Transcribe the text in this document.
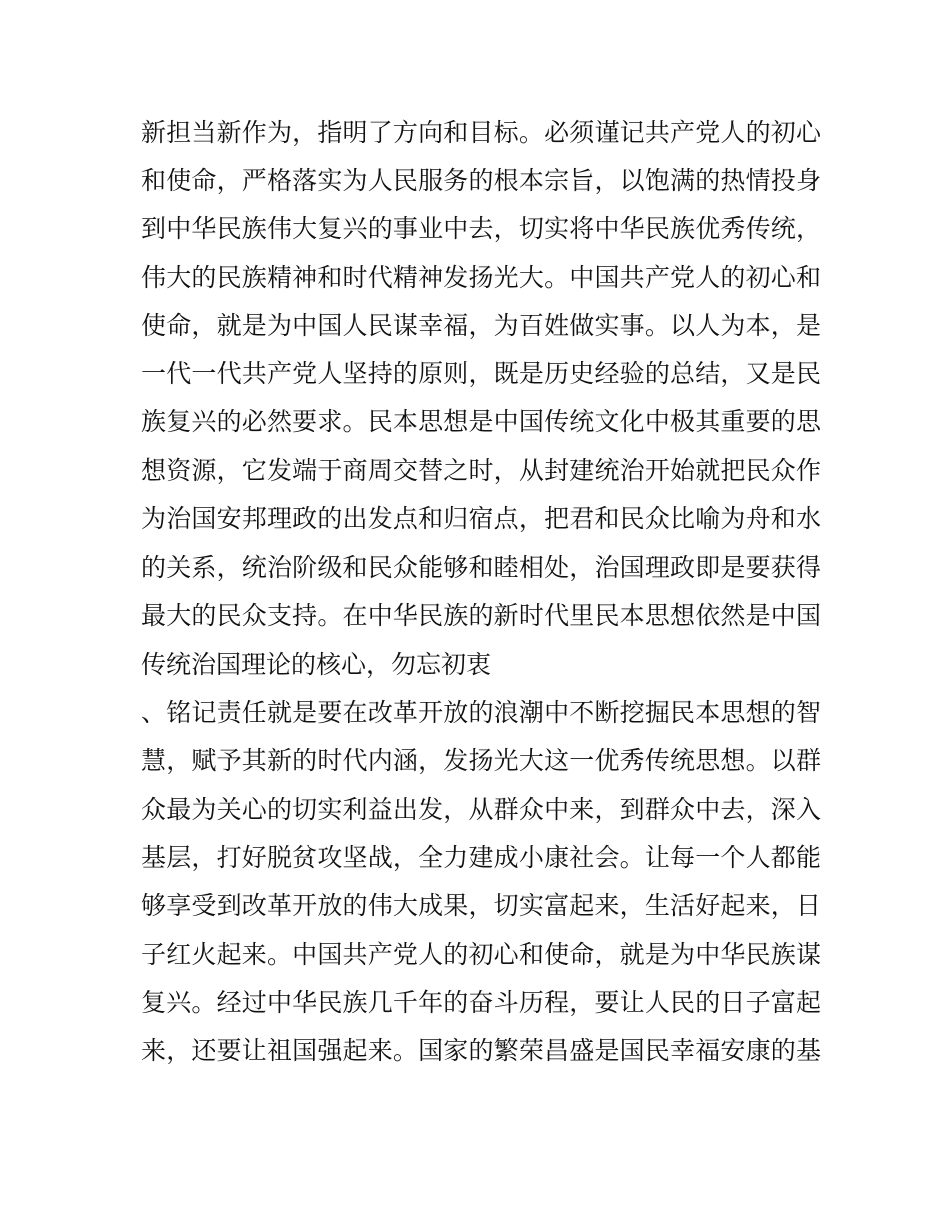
新担当新作为，指明了方向和目标。必须谨记共产党人的初心
和使命，严格落实为人民服务的根本宗旨，以饱满的热情投身
到中华民族伟大复兴的事业中去，切实将中华民族优秀传统，
伟大的民族精神和时代精神发扬光大。中国共产党人的初心和
使命，就是为中国人民谋幸福，为百姓做实事。以人为本，是
一代一代共产党人坚持的原则，既是历史经验的总结，又是民
族复兴的必然要求。民本思想是中国传统文化中极其重要的思
想资源，它发端于商周交替之时，从封建统治开始就把民众作
为治国安邦理政的出发点和归宿点，把君和民众比喻为舟和水
的关系，统治阶级和民众能够和睦相处，治国理政即是要获得
最大的民众支持。在中华民族的新时代里民本思想依然是中国
传统治国理论的核心，勿忘初衷
、铭记责任就是要在改革开放的浪潮中不断挖掘民本思想的智
慧，赋予其新的时代内涵，发扬光大这一优秀传统思想。以群
众最为关心的切实利益出发，从群众中来，到群众中去，深入
基层，打好脱贫攻坚战，全力建成小康社会。让每一个人都能
够享受到改革开放的伟大成果，切实富起来，生活好起来，日
子红火起来。中国共产党人的初心和使命，就是为中华民族谋
复兴。经过中华民族几千年的奋斗历程，要让人民的日子富起
来，还要让祖国强起来。国家的繁荣昌盛是国民幸福安康的基
